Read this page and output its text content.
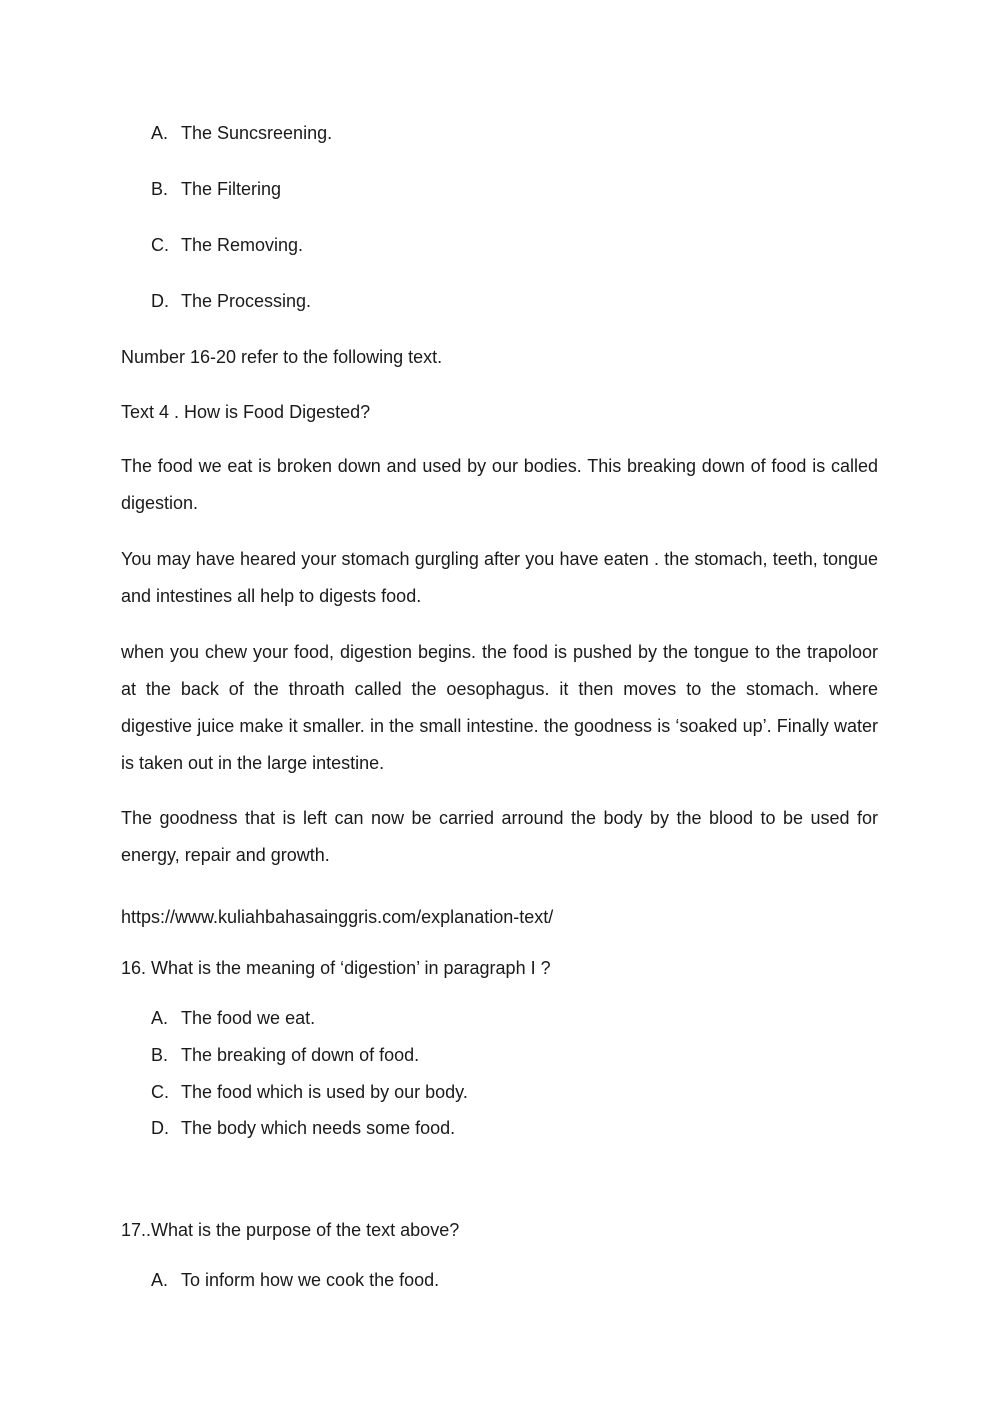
A. The Suncsreening.
B. The Filtering
C. The Removing.
D. The Processing.
Number 16-20 refer to the following text.
Text 4 . How is Food Digested?
The food we eat is broken down and used by our bodies. This breaking down of food is called digestion.
You may have heared your stomach gurgling after you have eaten . the stomach, teeth, tongue and intestines all help to digests food.
when you chew your food, digestion begins. the food is pushed by the tongue to the trapoloor at the back of the throath called the oesophagus. it then moves to the stomach. where digestive juice make it smaller. in the small intestine. the goodness is ‘soaked up’. Finally water is taken out in the large intestine.
The goodness that is left can now be carried arround the body by the blood to be used for energy, repair and growth.
https://www.kuliahbahasainggris.com/explanation-text/
16. What is the meaning of ‘digestion’ in paragraph I ?
A. The food we eat.
B. The breaking of down of food.
C. The food which is used by our body.
D. The body which needs some food.
17..What is the purpose of the text above?
A. To inform how we cook the food.
